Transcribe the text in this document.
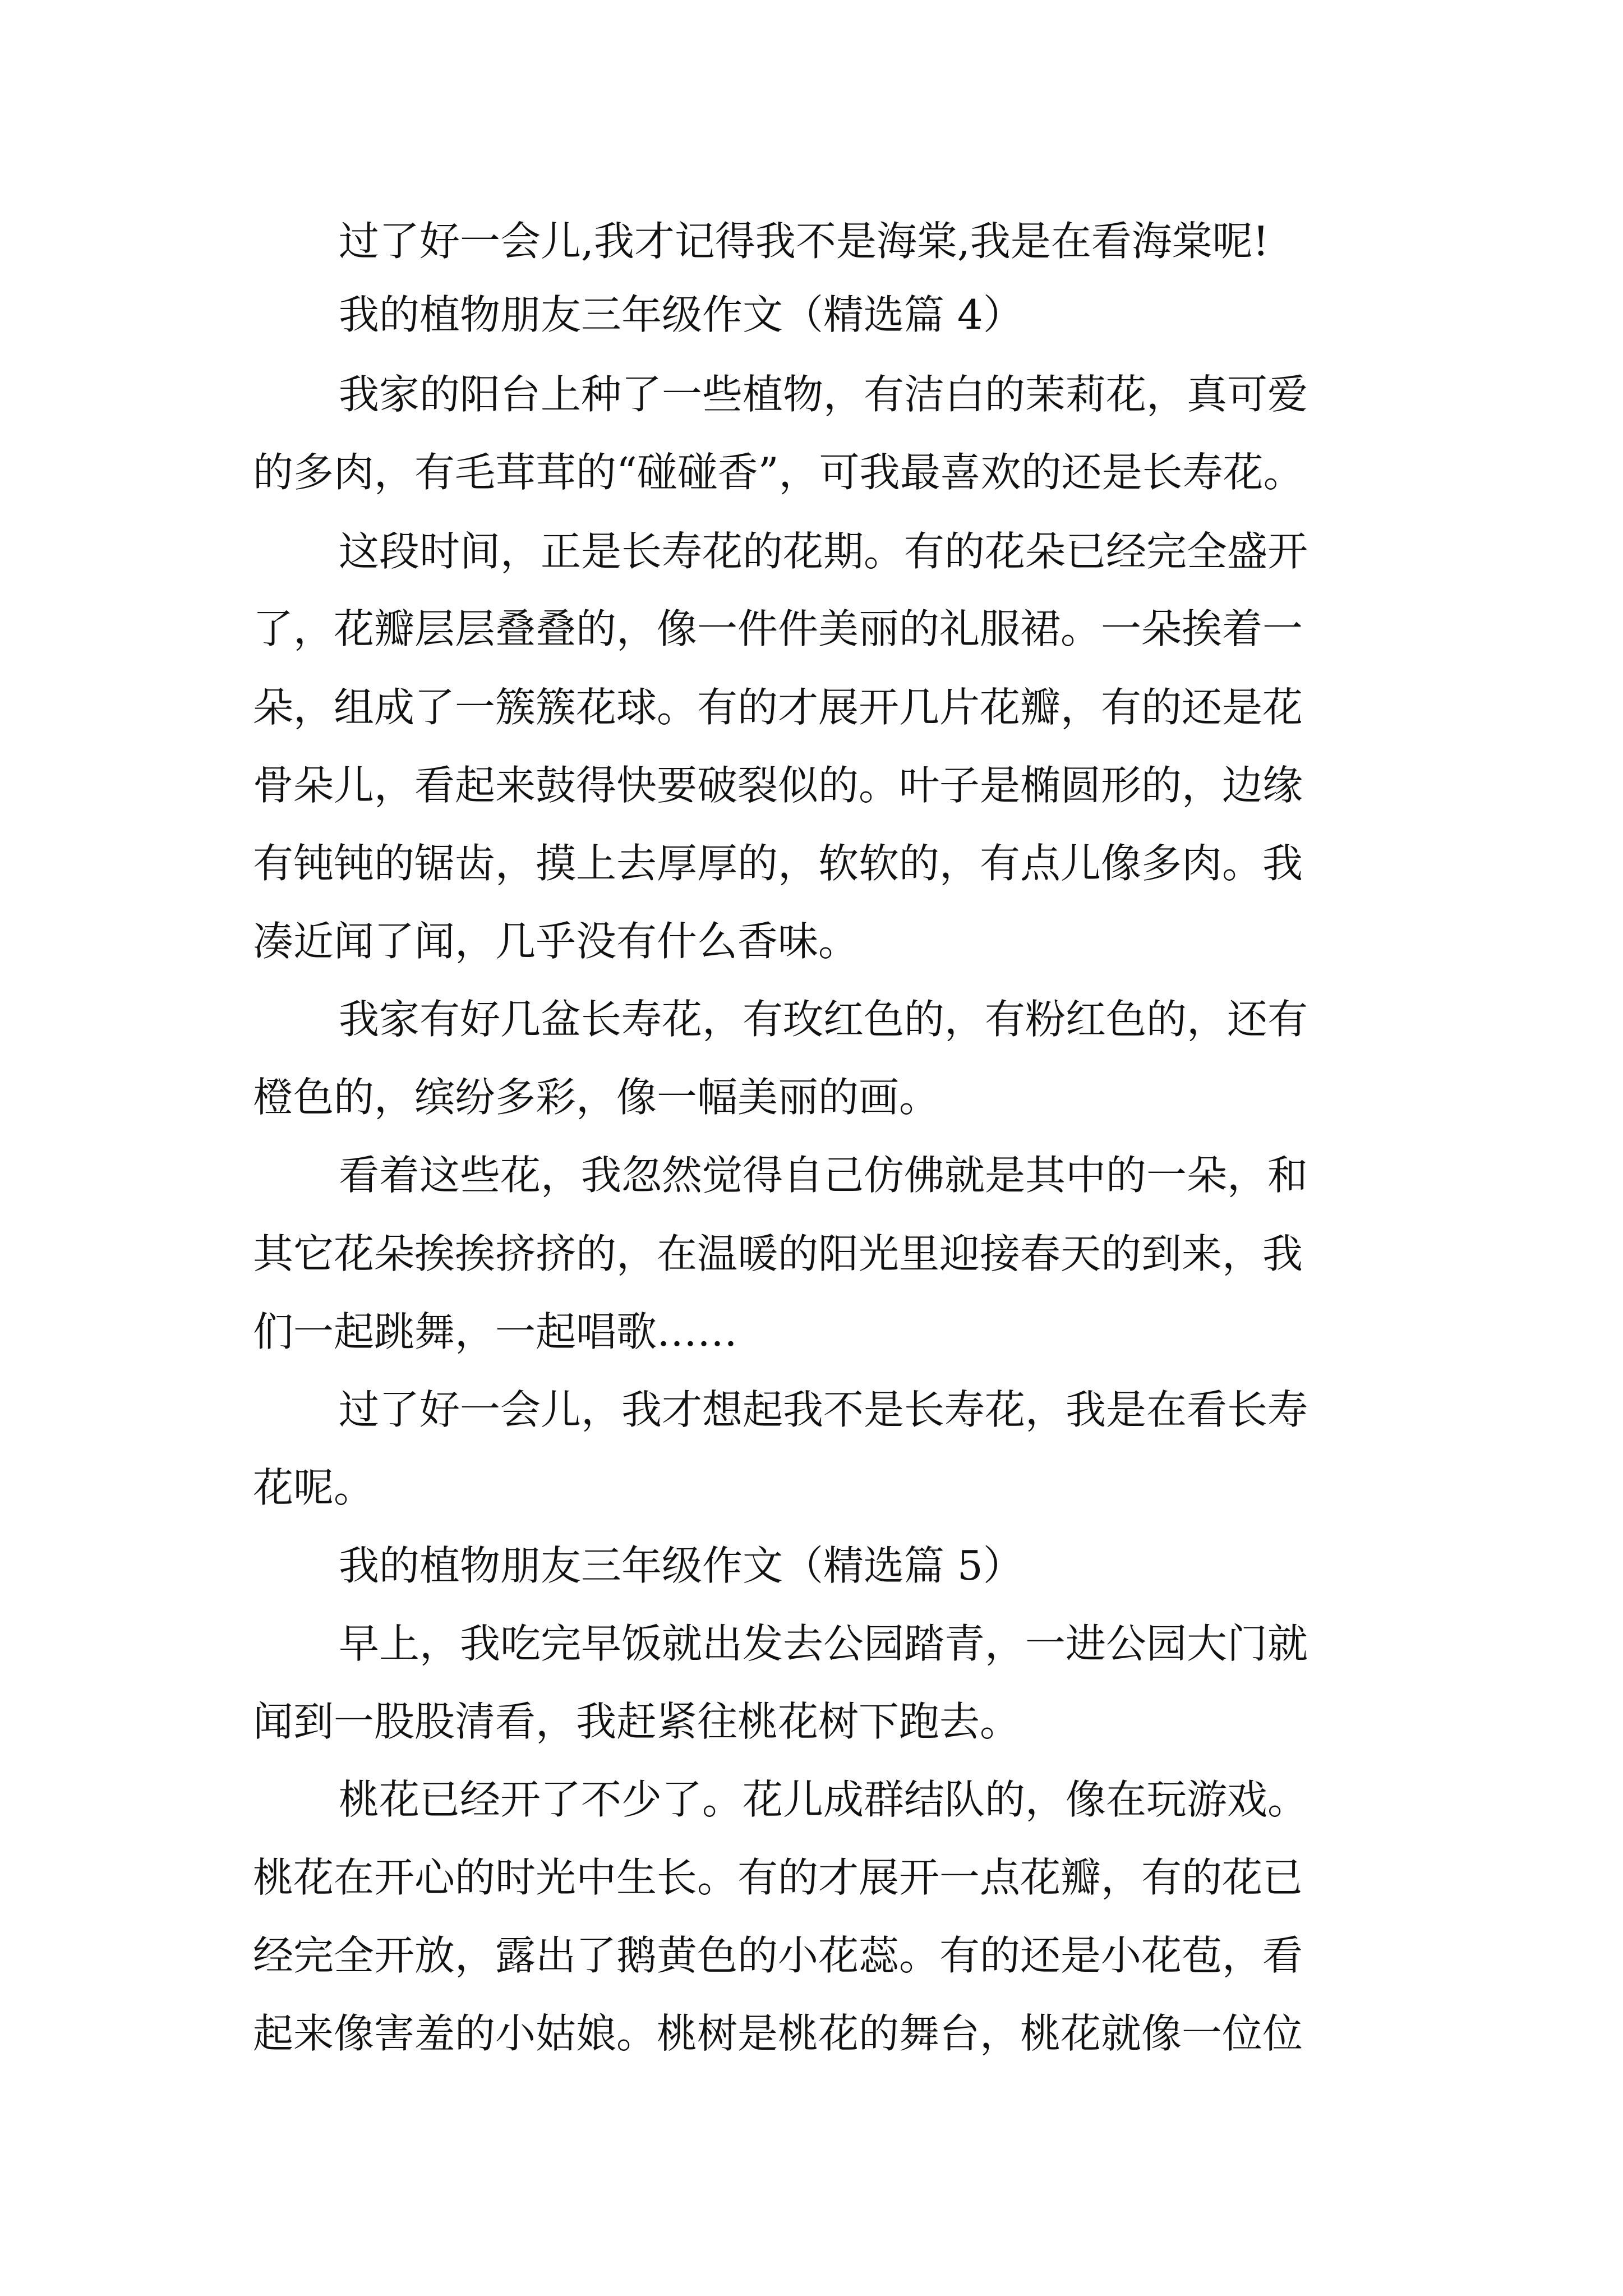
过了好一会儿,我才记得我不是海棠,我是在看海棠呢!
我的植物朋友三年级作文（精选篇 4）
我家的阳台上种了一些植物，有洁白的茉莉花，真可爱
的多肉，有毛茸茸的“碰碰香”，可我最喜欢的还是长寿花。
这段时间，正是长寿花的花期。有的花朵已经完全盛开
了，花瓣层层叠叠的，像一件件美丽的礼服裙。一朵挨着一
朵，组成了一簇簇花球。有的才展开几片花瓣，有的还是花
骨朵儿，看起来鼓得快要破裂似的。叶子是椭圆形的，边缘
有钝钝的锯齿，摸上去厚厚的，软软的，有点儿像多肉。我
凑近闻了闻，几乎没有什么香味。
我家有好几盆长寿花，有玫红色的，有粉红色的，还有
橙色的，缤纷多彩，像一幅美丽的画。
看着这些花，我忽然觉得自己仿佛就是其中的一朵，和
其它花朵挨挨挤挤的，在温暖的阳光里迎接春天的到来，我
们一起跳舞，一起唱歌……
过了好一会儿，我才想起我不是长寿花，我是在看长寿
花呢。
我的植物朋友三年级作文（精选篇 5）
早上，我吃完早饭就出发去公园踏青，一进公园大门就
闻到一股股清看，我赶紧往桃花树下跑去。
桃花已经开了不少了。花儿成群结队的，像在玩游戏。
桃花在开心的时光中生长。有的才展开一点花瓣，有的花已
经完全开放，露出了鹅黄色的小花蕊。有的还是小花苞，看
起来像害羞的小姑娘。桃树是桃花的舞台，桃花就像一位位
